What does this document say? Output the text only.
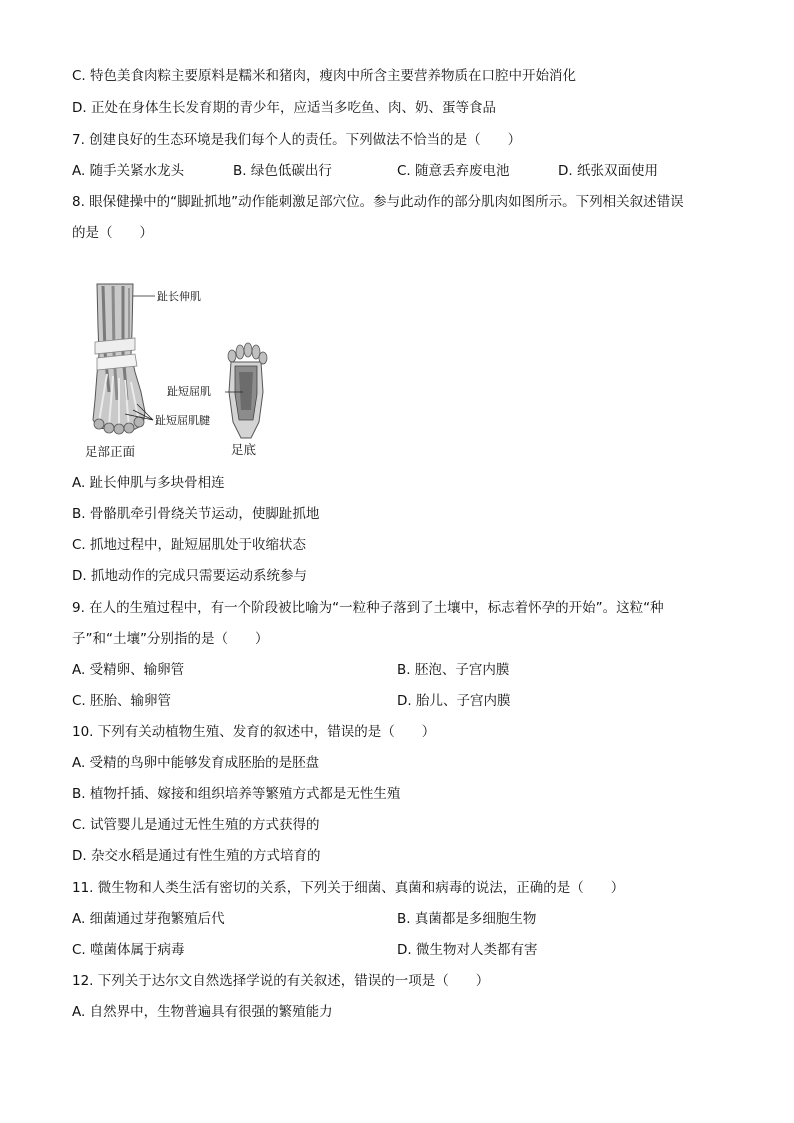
C. 特色美食肉粽主要原料是糯米和猪肉，瘦肉中所含主要营养物质在口腔中开始消化
D. 正处在身体生长发育期的青少年，应适当多吃鱼、肉、奶、蛋等食品
7. 创建良好的生态环境是我们每个人的责任。下列做法不恰当的是（　　）
A. 随手关紧水龙头	B. 绿色低碳出行	C. 随意丢弃废电池	D. 纸张双面使用
8. 眼保健操中的“脚趾抓地”动作能刺激足部穴位。参与此动作的部分肌肉如图所示。下列相关叙述错误
的是（　　）
趾长伸肌
趾短屈肌
趾短屈肌腱
足部正面	足底
A. 趾长伸肌与多块骨相连
B. 骨骼肌牵引骨绕关节运动，使脚趾抓地
C. 抓地过程中，趾短屈肌处于收缩状态
D. 抓地动作的完成只需要运动系统参与
9. 在人的生殖过程中，有一个阶段被比喻为“一粒种子落到了土壤中，标志着怀孕的开始”。这粒“种
子”和“土壤”分别指的是（　　）
A. 受精卵、输卵管	B. 胚泡、子宫内膜
C. 胚胎、输卵管	D. 胎儿、子宫内膜
10. 下列有关动植物生殖、发育的叙述中，错误的是（　　）
A. 受精的鸟卵中能够发育成胚胎的是胚盘
B. 植物扦插、嫁接和组织培养等繁殖方式都是无性生殖
C. 试管婴儿是通过无性生殖的方式获得的
D. 杂交水稻是通过有性生殖的方式培育的
11. 微生物和人类生活有密切的关系，下列关于细菌、真菌和病毒的说法，正确的是（　　）
A. 细菌通过芽孢繁殖后代	B. 真菌都是多细胞生物
C. 噬菌体属于病毒	D. 微生物对人类都有害
12. 下列关于达尔文自然选择学说的有关叙述，错误的一项是（　　）
A. 自然界中，生物普遍具有很强的繁殖能力
